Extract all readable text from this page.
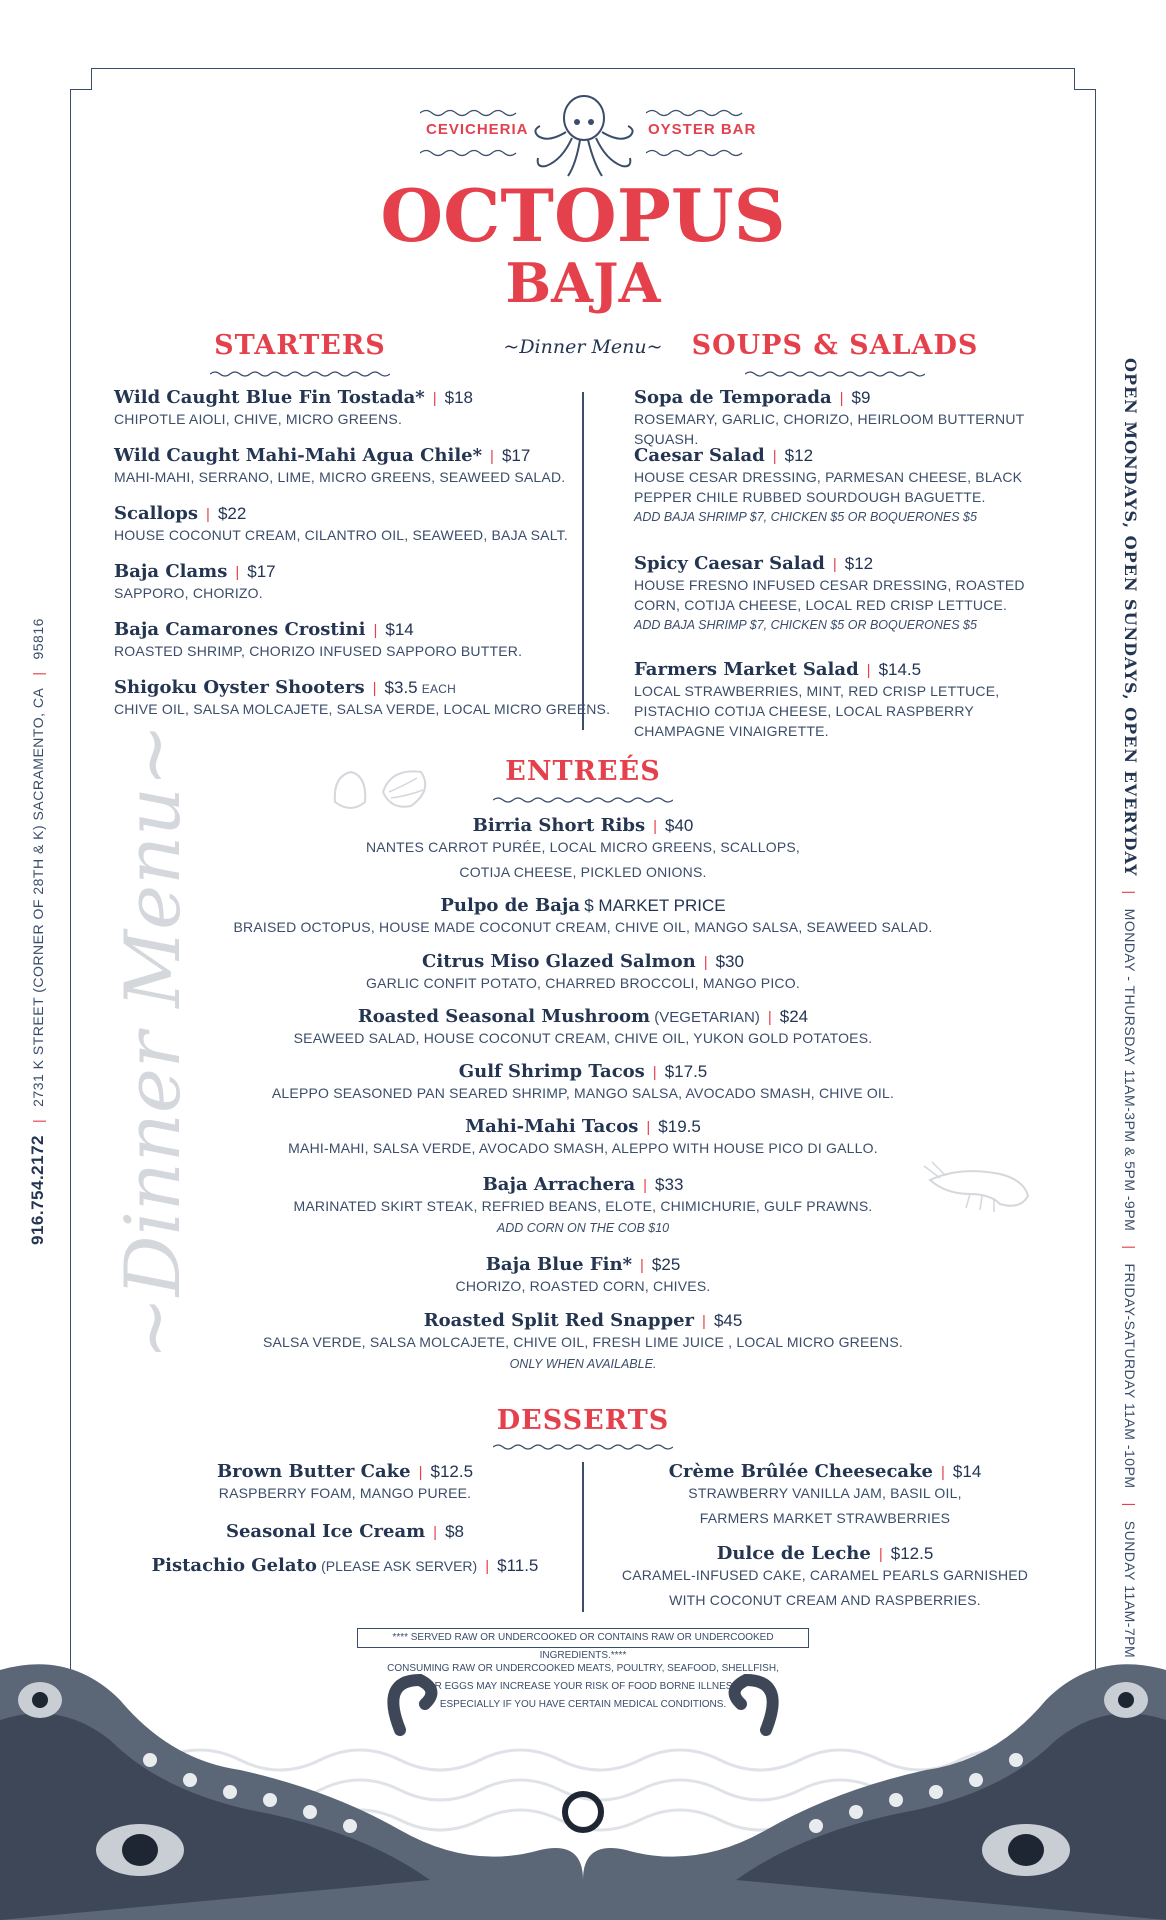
~Dinner Menu~
CEVICHERIA	OYSTER BAR
OCTOPUS
BAJA
~Dinner Menu~
STARTERS	SOUPS & SALADS
Wild Caught Blue Fin Tostada* | $18
CHIPOTLE AIOLI, CHIVE, MICRO GREENS.
Wild Caught Mahi-Mahi Agua Chile* | $17
MAHI-MAHI, SERRANO, LIME, MICRO GREENS, SEAWEED SALAD.
Scallops | $22
HOUSE COCONUT CREAM, CILANTRO OIL, SEAWEED, BAJA SALT.
Baja Clams | $17
SAPPORO, CHORIZO.
Baja Camarones Crostini | $14
ROASTED SHRIMP, CHORIZO INFUSED SAPPORO BUTTER.
Shigoku Oyster Shooters | $3.5 EACH
CHIVE OIL, SALSA MOLCAJETE, SALSA VERDE, LOCAL MICRO GREENS.
Sopa de Temporada | $9
ROSEMARY, GARLIC, CHORIZO, HEIRLOOM BUTTERNUT SQUASH.
Caesar Salad | $12
HOUSE CESAR DRESSING, PARMESAN CHEESE, BLACK PEPPER CHILE RUBBED SOURDOUGH BAGUETTE.
ADD BAJA SHRIMP $7, CHICKEN $5 OR BOQUERONES $5
Spicy Caesar Salad | $12
HOUSE FRESNO INFUSED CESAR DRESSING, ROASTED CORN, COTIJA CHEESE, LOCAL RED CRISP LETTUCE.
ADD BAJA SHRIMP $7, CHICKEN $5 OR BOQUERONES $5
Farmers Market Salad | $14.5
LOCAL STRAWBERRIES, MINT, RED CRISP LETTUCE, PISTACHIO COTIJA CHEESE, LOCAL RASPBERRY CHAMPAGNE VINAIGRETTE.
ENTREÉS
Birria Short Ribs | $40
NANTES CARROT PURÉE, LOCAL MICRO GREENS, SCALLOPS,
COTIJA CHEESE, PICKLED ONIONS.
Pulpo de Baja $ MARKET PRICE
BRAISED OCTOPUS, HOUSE MADE COCONUT CREAM, CHIVE OIL, MANGO SALSA, SEAWEED SALAD.
Citrus Miso Glazed Salmon | $30
GARLIC CONFIT POTATO, CHARRED BROCCOLI, MANGO PICO.
Roasted Seasonal Mushroom (VEGETARIAN) | $24
SEAWEED SALAD, HOUSE COCONUT CREAM, CHIVE OIL, YUKON GOLD POTATOES.
Gulf Shrimp Tacos | $17.5
ALEPPO SEASONED PAN SEARED SHRIMP, MANGO SALSA, AVOCADO SMASH, CHIVE OIL.
Mahi-Mahi Tacos | $19.5
MAHI-MAHI, SALSA VERDE, AVOCADO SMASH, ALEPPO WITH HOUSE PICO DI GALLO.
Baja Arrachera | $33
MARINATED SKIRT STEAK, REFRIED BEANS, ELOTE, CHIMICHURIE, GULF PRAWNS.
ADD CORN ON THE COB $10
Baja Blue Fin* | $25
CHORIZO, ROASTED CORN, CHIVES.
Roasted Split Red Snapper | $45
SALSA VERDE, SALSA MOLCAJETE, CHIVE OIL, FRESH LIME JUICE , LOCAL MICRO GREENS.
ONLY WHEN AVAILABLE.
DESSERTS
Brown Butter Cake | $12.5
RASPBERRY FOAM, MANGO PUREE.
Seasonal Ice Cream | $8
Pistachio Gelato (PLEASE ASK SERVER) | $11.5
Crème Brûlée Cheesecake | $14
STRAWBERRY VANILLA JAM, BASIL OIL,
FARMERS MARKET STRAWBERRIES
Dulce de Leche | $12.5
CARAMEL-INFUSED CAKE, CARAMEL PEARLS GARNISHED
WITH COCONUT CREAM AND RASPBERRIES.
**** SERVED RAW OR UNDERCOOKED OR CONTAINS RAW OR UNDERCOOKED INGREDIENTS.****
CONSUMING RAW OR UNDERCOOKED MEATS, POULTRY, SEAFOOD, SHELLFISH,
OR EGGS MAY INCREASE YOUR RISK OF FOOD BORNE ILLNESS
ESPECIALLY IF YOU HAVE CERTAIN MEDICAL CONDITIONS.
916.754.2172|2731 K STREET (CORNER OF 28TH & K) SACRAMENTO, CA|95816	OPEN MONDAYS, OPEN SUNDAYS, OPEN EVERYDAY|MONDAY - THURSDAY 11AM-3PM & 5PM -9PM|FRIDAY-SATURDAY 11AM -10PM|SUNDAY 11AM-7PM
